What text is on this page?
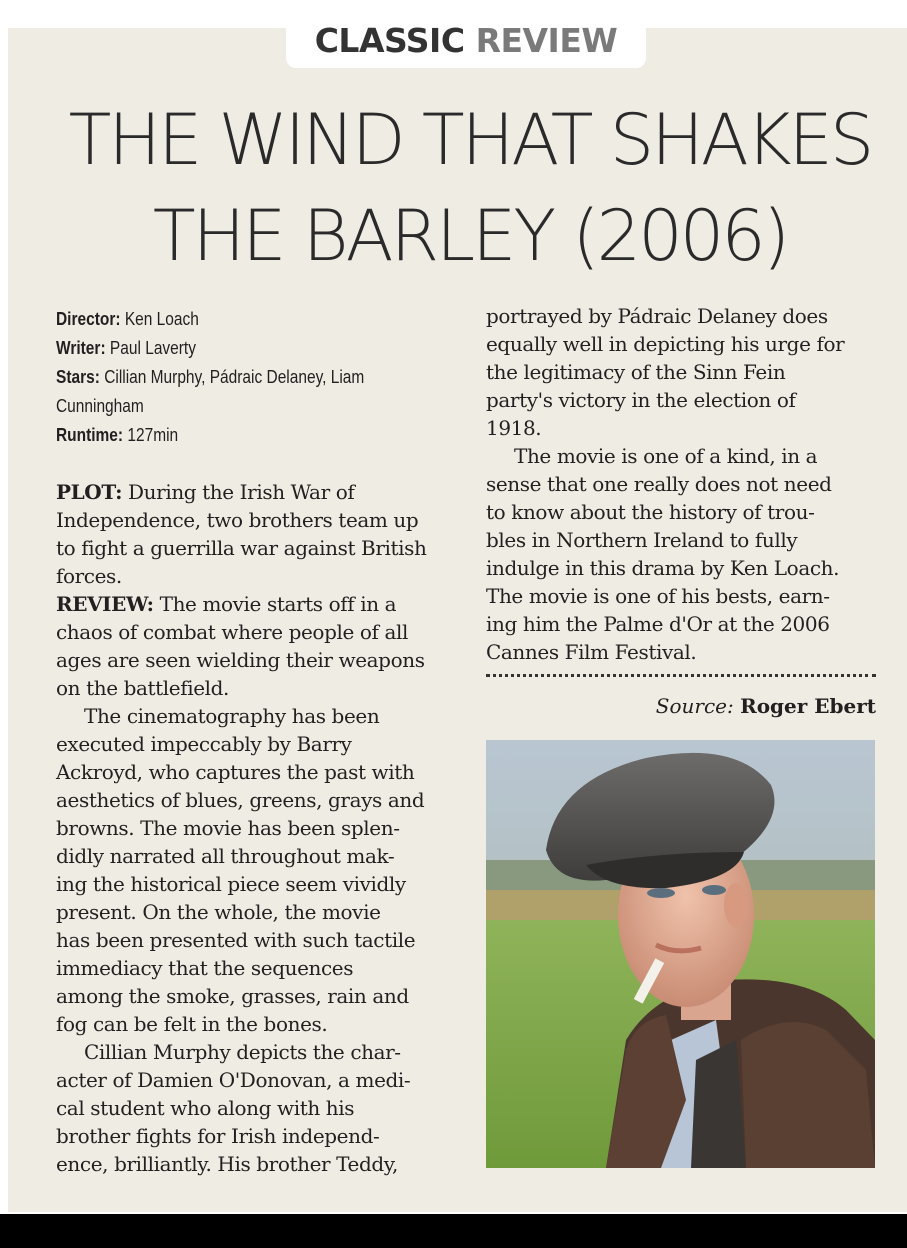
CLASSIC REVIEW
THE WIND THAT SHAKES
THE BARLEY (2006)
Director: Ken Loach
Writer: Paul Laverty
Stars: Cillian Murphy, Pádraic Delaney, Liam
Cunningham
Runtime: 127min
PLOT: During the Irish War of
Independence, two brothers team up
to fight a guerrilla war against British
forces.
REVIEW: The movie starts off in a
chaos of combat where people of all
ages are seen wielding their weapons
on the battlefield.
The cinematography has been
executed impeccably by Barry
Ackroyd, who captures the past with
aesthetics of blues, greens, grays and
browns. The movie has been splen-
didly narrated all throughout mak-
ing the historical piece seem vividly
present. On the whole, the movie
has been presented with such tactile
immediacy that the sequences
among the smoke, grasses, rain and
fog can be felt in the bones.
Cillian Murphy depicts the char-
acter of Damien O'Donovan, a medi-
cal student who along with his
brother fights for Irish independ-
ence, brilliantly. His brother Teddy,
portrayed by Pádraic Delaney does
equally well in depicting his urge for
the legitimacy of the Sinn Fein
party's victory in the election of
1918.
The movie is one of a kind, in a
sense that one really does not need
to know about the history of trou-
bles in Northern Ireland to fully
indulge in this drama by Ken Loach.
The movie is one of his bests, earn-
ing him the Palme d'Or at the 2006
Cannes Film Festival.
Source: Roger Ebert
